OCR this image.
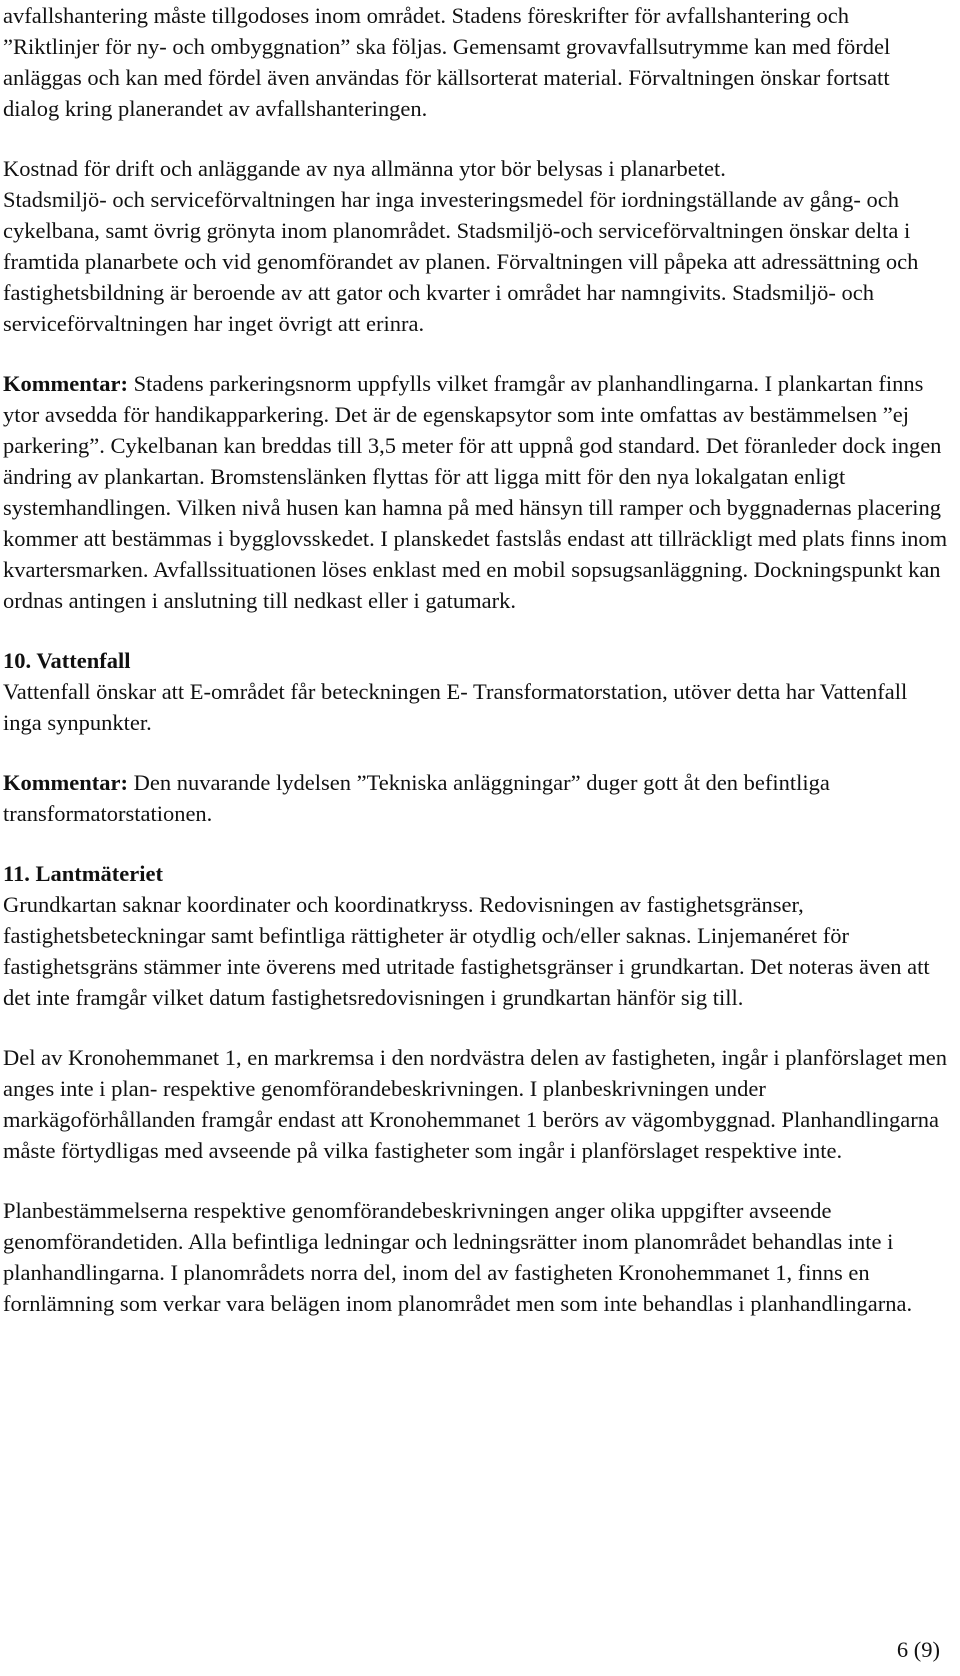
avfallshantering måste tillgodoses inom området. Stadens föreskrifter för avfallshantering och ”Riktlinjer för ny- och ombyggnation” ska följas. Gemensamt grovavfallsutrymme kan med fördel anläggas och kan med fördel även användas för källsorterat material. Förvaltningen önskar fortsatt dialog kring planerandet av avfallshanteringen.

Kostnad för drift och anläggande av nya allmänna ytor bör belysas i planarbetet.

Stadsmiljö- och serviceförvaltningen har inga investeringsmedel för iordningställande av gång- och cykelbana, samt övrig grönyta inom planområdet. Stadsmiljö-och serviceförvaltningen önskar delta i framtida planarbete och vid genomförandet av planen. Förvaltningen vill påpeka att adressättning och fastighetsbildning är beroende av att gator och kvarter i området har namngivits. Stadsmiljö- och serviceförvaltningen har inget övrigt att erinra.

Kommentar: Stadens parkeringsnorm uppfylls vilket framgår av planhandlingarna. I plankartan finns ytor avsedda för handikapparkering. Det är de egenskapsytor som inte omfattas av bestämmelsen ”ej parkering”. Cykelbanan kan breddas till 3,5 meter för att uppnå god standard. Det föranleder dock ingen ändring av plankartan. Bromstenslänken flyttas för att ligga mitt för den nya lokalgatan enligt systemhandlingen. Vilken nivå husen kan hamna på med hänsyn till ramper och byggnadernas placering kommer att bestämmas i bygglovsskedet. I planskedet fastslås endast att tillräckligt med plats finns inom kvartersmarken. Avfallssituationen löses enklast med en mobil sopsugsanläggning. Dockningspunkt kan ordnas antingen i anslutning till nedkast eller i gatumark.

10. Vattenfall

Vattenfall önskar att E-området får beteckningen E- Transformatorstation, utöver detta har Vattenfall inga synpunkter.

Kommentar: Den nuvarande lydelsen ”Tekniska anläggningar” duger gott åt den befintliga transformatorstationen.

11. Lantmäteriet

Grundkartan saknar koordinater och koordinatkryss. Redovisningen av fastighetsgränser, fastighetsbeteckningar samt befintliga rättigheter är otydlig och/eller saknas. Linjemanéret för fastighetsgräns stämmer inte överens med utritade fastighetsgränser i grundkartan. Det noteras även att det inte framgår vilket datum fastighetsredovisningen i grundkartan hänför sig till.

Del av Kronohemmanet 1, en markremsa i den nordvästra delen av fastigheten, ingår i planförslaget men anges inte i plan- respektive genomförandebeskrivningen. I planbeskrivningen under markägoförhållanden framgår endast att Kronohemmanet 1 berörs av vägombyggnad. Planhandlingarna måste förtydligas med avseende på vilka fastigheter som ingår i planförslaget respektive inte.

Planbestämmelserna respektive genomförandebeskrivningen anger olika uppgifter avseende genomförandetiden. Alla befintliga ledningar och ledningsrätter inom planområdet behandlas inte i planhandlingarna. I planområdets norra del, inom del av fastigheten Kronohemmanet 1, finns en fornlämning som verkar vara belägen inom planområdet men som inte behandlas i planhandlingarna.

6 (9)
